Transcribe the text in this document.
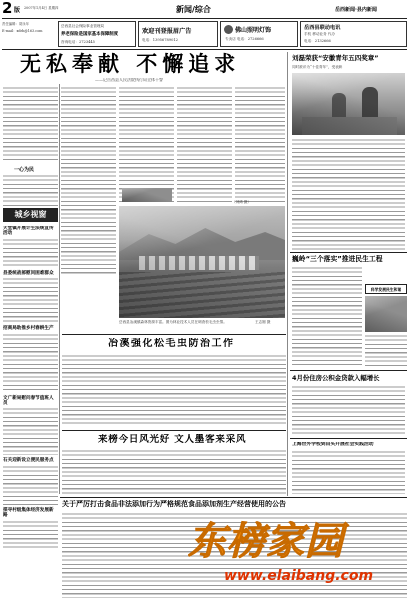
2 版 2007年1月4日 星期四	新闻/综合	岳西新闻·县内新闻
责任编辑：胡永年
E-mail：xdrb@163.com
岳西县社会保险事业管理局
养老保险是国家基本保障制度
咨询电话：2723445
欢迎刊登报眉广告
电话：13956789012
佛山照明灯饰
专卖店 电话：2726666
岳西县联动电讯
手机 移动业务 代办
电话：2132666
无私奉献 不懈追求
——记岳西县人民法院执行局全体干警
一心为民
城乡视窗
天堂镇开展计生法规宣传活动
县委统战部慰问困难群众
招商局助推乡村春耕生产
文广新局慰问春节值班人员
石关迎新设立便民服务点
探寻村级集体经济发展新路
岳西县冶溪镇森林资源丰富。图为林业技术人员在调查松毛虫虫情。	王志刚 摄
（刘鸿 摄）
冶溪强化松毛虫防治工作
来榜今日风光好 文人墨客来采风
刘磊荣获“安徽青年五四奖章”
同时被评为“十佳青年”，受表彰
巍岭“三个落实”推进民生工程
科学发展民生和谐
4月份住房公积金贷款入幅增长
上海世外学校到田头开展社会实践活动
关于严厉打击食品非法添加行为严格规范食品添加剂生产经营使用的公告
东榜家园
www.elaibang.com
